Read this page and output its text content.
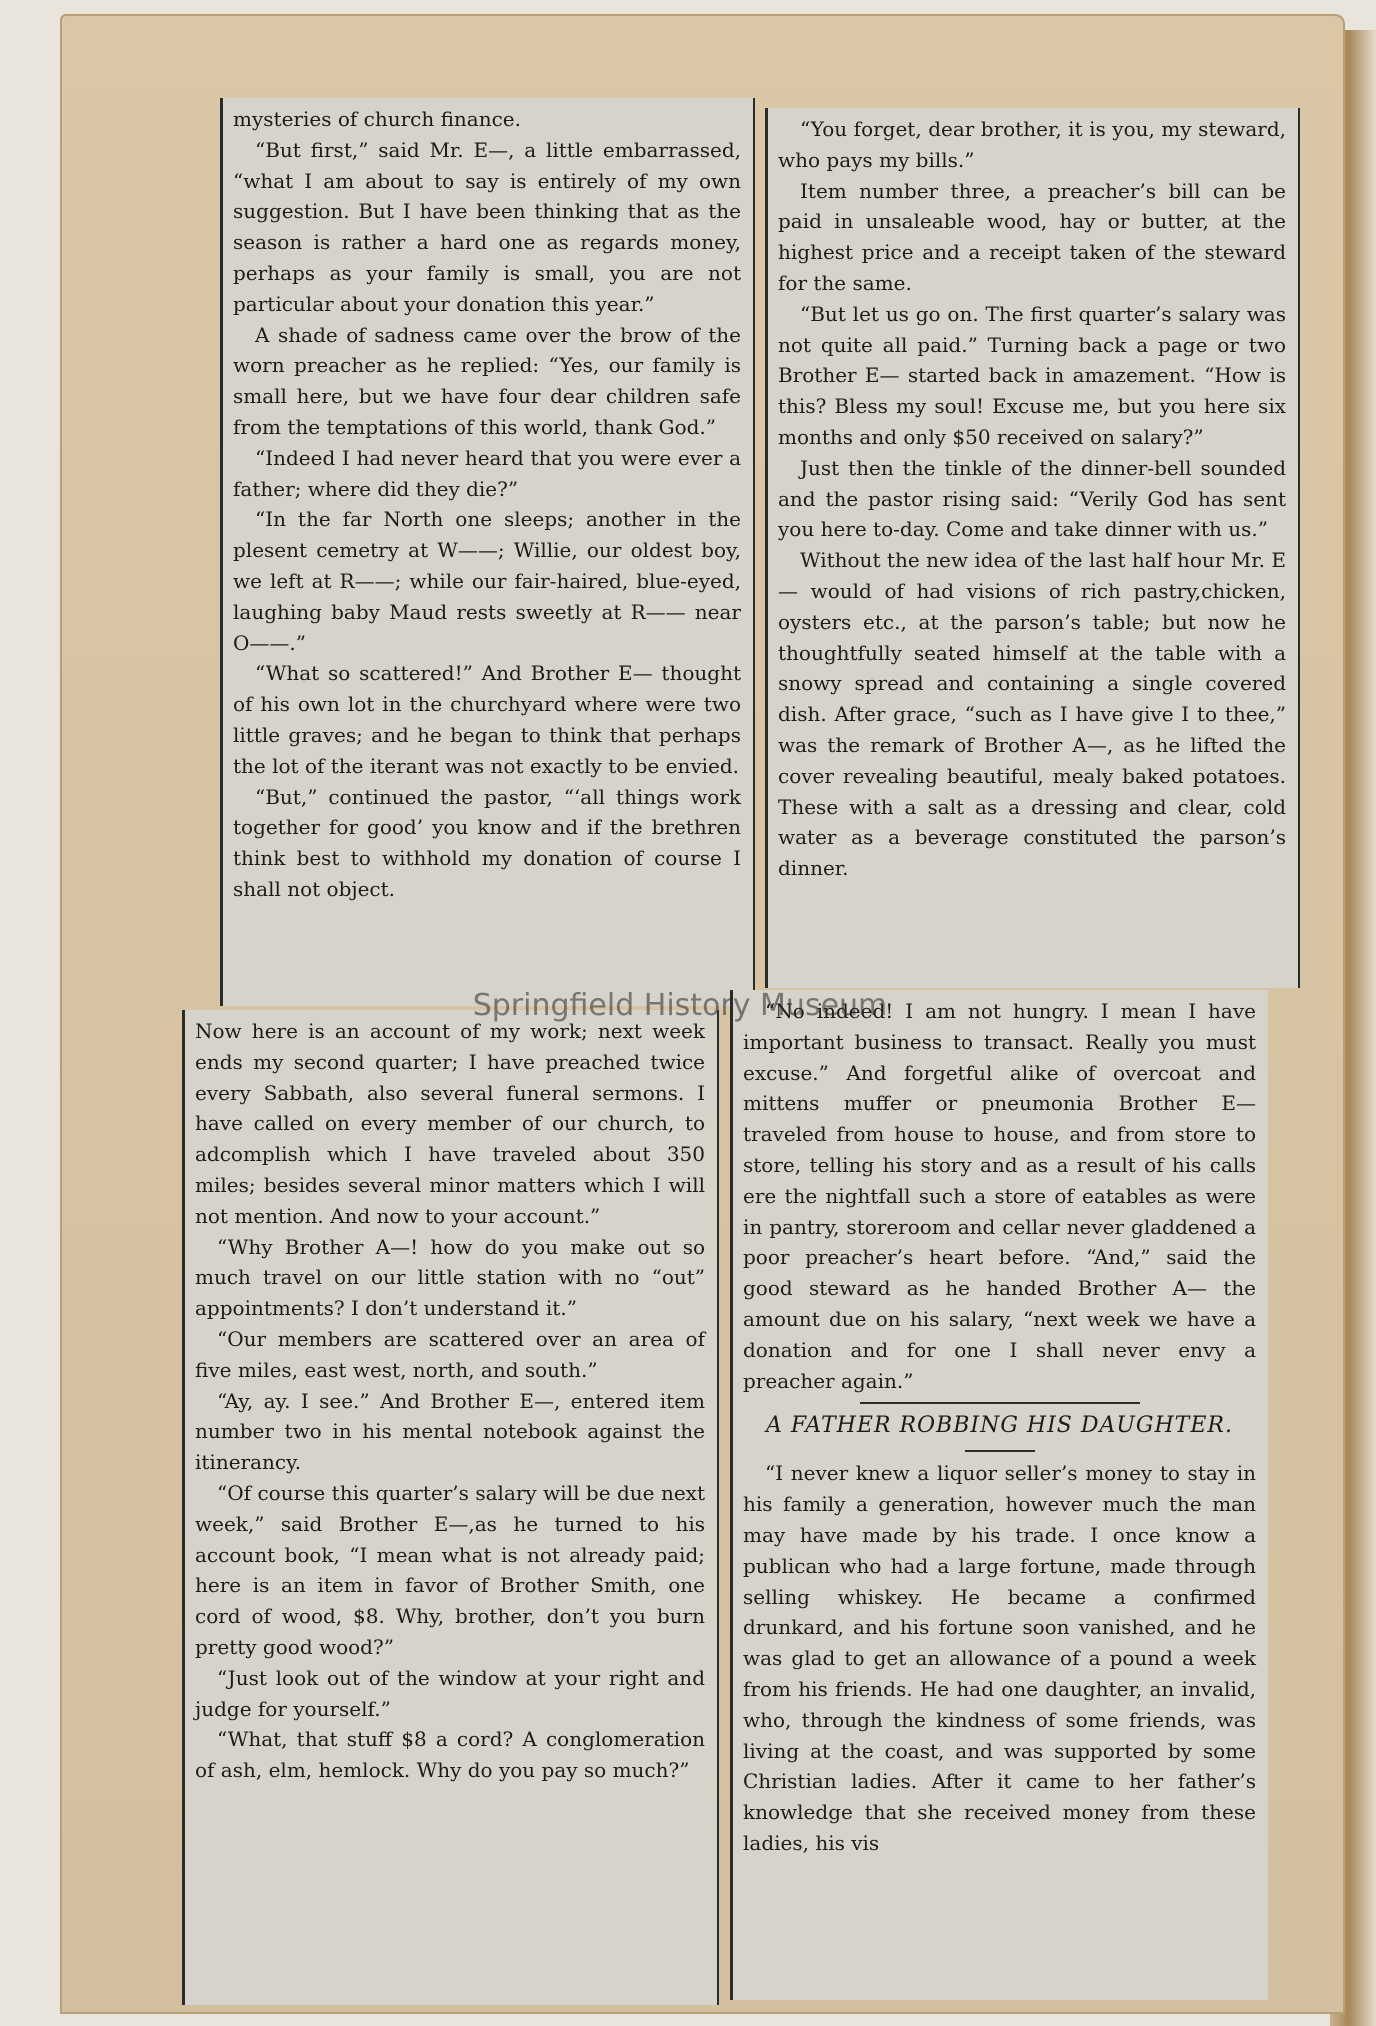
mysteries of church finance.

“But first,” said Mr. E—, a little embarrassed, “what I am about to say is entirely of my own suggestion. But I have been thinking that as the season is rather a hard one as regards money, perhaps as your family is small, you are not particular about your donation this year.”

A shade of sadness came over the brow of the worn preacher as he replied: “Yes, our family is small here, but we have four dear children safe from the temptations of this world, thank God.”

“Indeed I had never heard that you were ever a father; where did they die?”

“In the far North one sleeps; another in the plesent cemetry at W——; Willie, our oldest boy, we left at R——; while our fair-haired, blue-eyed, laughing baby Maud rests sweetly at R—— near O——.”

“What so scattered!” And Brother E— thought of his own lot in the churchyard where were two little graves; and he began to think that perhaps the lot of the iterant was not exactly to be envied.

“But,” continued the pastor, “‘all things work together for good’ you know and if the brethren think best to withhold my donation of course I shall not object.

Now here is an account of my work; next week ends my second quarter; I have preached twice every Sabbath, also several funeral sermons. I have called on every member of our church, to adcomplish which I have traveled about 350 miles; besides several minor matters which I will not mention. And now to your account.”

“Why Brother A—! how do you make out so much travel on our little station with no “out” appointments? I don’t understand it.”

“Our members are scattered over an area of five miles, east west, north, and south.”

“Ay, ay. I see.” And Brother E—, entered item number two in his mental notebook against the itinerancy.

“Of course this quarter’s salary will be due next week,” said Brother E—,as he turned to his account book, “I mean what is not already paid; here is an item in favor of Brother Smith, one cord of wood, $8. Why, brother, don’t you burn pretty good wood?”

“Just look out of the window at your right and judge for yourself.”

“What, that stuff $8 a cord? A conglomeration of ash, elm, hemlock. Why do you pay so much?”

“You forget, dear brother, it is you, my steward, who pays my bills.”

Item number three, a preacher’s bill can be paid in unsaleable wood, hay or butter, at the highest price and a receipt taken of the steward for the same.

“But let us go on. The first quarter’s salary was not quite all paid.” Turning back a page or two Brother E— started back in amazement. “How is this? Bless my soul! Excuse me, but you here six months and only $50 received on salary?”

Just then the tinkle of the dinner-bell sounded and the pastor rising said: “Verily God has sent you here to-day. Come and take dinner with us.”

Without the new idea of the last half hour Mr. E— would of had visions of rich pastry,chicken, oysters etc., at the parson’s table; but now he thoughtfully seated himself at the table with a snowy spread and containing a single covered dish. After grace, “such as I have give I to thee,” was the remark of Brother A—, as he lifted the cover revealing beautiful, mealy baked potatoes. These with a salt as a dressing and clear, cold water as a beverage constituted the parson’s dinner.

“No indeed! I am not hungry. I mean I have important business to transact. Really you must excuse.” And forgetful alike of overcoat and mittens muffer or pneumonia Brother E— traveled from house to house, and from store to store, telling his story and as a result of his calls ere the nightfall such a store of eatables as were in pantry, storeroom and cellar never gladdened a poor preacher’s heart before. “And,” said the good steward as he handed Brother A— the amount due on his salary, “next week we have a donation and for one I shall never envy a preacher again.”

A FATHER ROBBING HIS DAUGHTER.

“I never knew a liquor seller’s money to stay in his family a generation, however much the man may have made by his trade. I once know a publican who had a large fortune, made through selling whiskey. He became a confirmed drunkard, and his fortune soon vanished, and he was glad to get an allowance of a pound a week from his friends. He had one daughter, an invalid, who, through the kindness of some friends, was living at the coast, and was supported by some Christian ladies. After it came to her father’s knowledge that she received money from these ladies, his vis

Springfield History Museum
